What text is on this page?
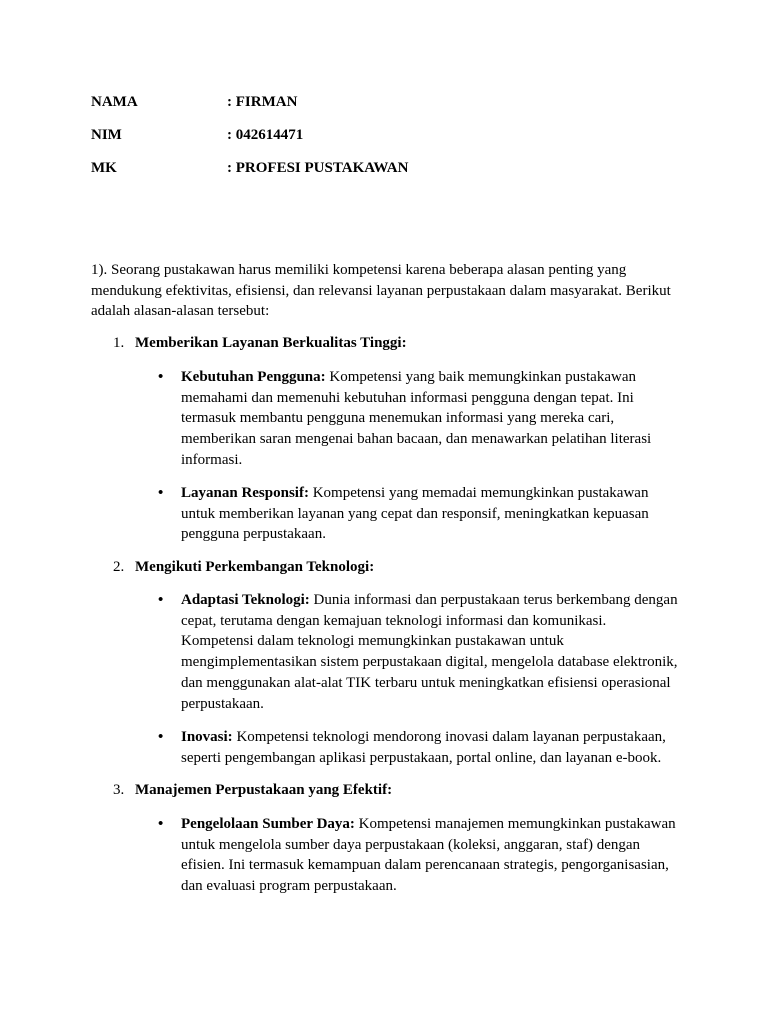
NAMA	: FIRMAN
NIM	: 042614471
MK	: PROFESI PUSTAKAWAN
1). Seorang pustakawan harus memiliki kompetensi karena beberapa alasan penting yang mendukung efektivitas, efisiensi, dan relevansi layanan perpustakaan dalam masyarakat. Berikut adalah alasan-alasan tersebut:
1. Memberikan Layanan Berkualitas Tinggi:
•	Kebutuhan Pengguna: Kompetensi yang baik memungkinkan pustakawan memahami dan memenuhi kebutuhan informasi pengguna dengan tepat. Ini termasuk membantu pengguna menemukan informasi yang mereka cari, memberikan saran mengenai bahan bacaan, dan menawarkan pelatihan literasi informasi.
•	Layanan Responsif: Kompetensi yang memadai memungkinkan pustakawan untuk memberikan layanan yang cepat dan responsif, meningkatkan kepuasan pengguna perpustakaan.
2. Mengikuti Perkembangan Teknologi:
•	Adaptasi Teknologi: Dunia informasi dan perpustakaan terus berkembang dengan cepat, terutama dengan kemajuan teknologi informasi dan komunikasi. Kompetensi dalam teknologi memungkinkan pustakawan untuk mengimplementasikan sistem perpustakaan digital, mengelola database elektronik, dan menggunakan alat-alat TIK terbaru untuk meningkatkan efisiensi operasional perpustakaan.
•	Inovasi: Kompetensi teknologi mendorong inovasi dalam layanan perpustakaan, seperti pengembangan aplikasi perpustakaan, portal online, dan layanan e-book.
3. Manajemen Perpustakaan yang Efektif:
•	Pengelolaan Sumber Daya: Kompetensi manajemen memungkinkan pustakawan untuk mengelola sumber daya perpustakaan (koleksi, anggaran, staf) dengan efisien. Ini termasuk kemampuan dalam perencanaan strategis, pengorganisasian, dan evaluasi program perpustakaan.
